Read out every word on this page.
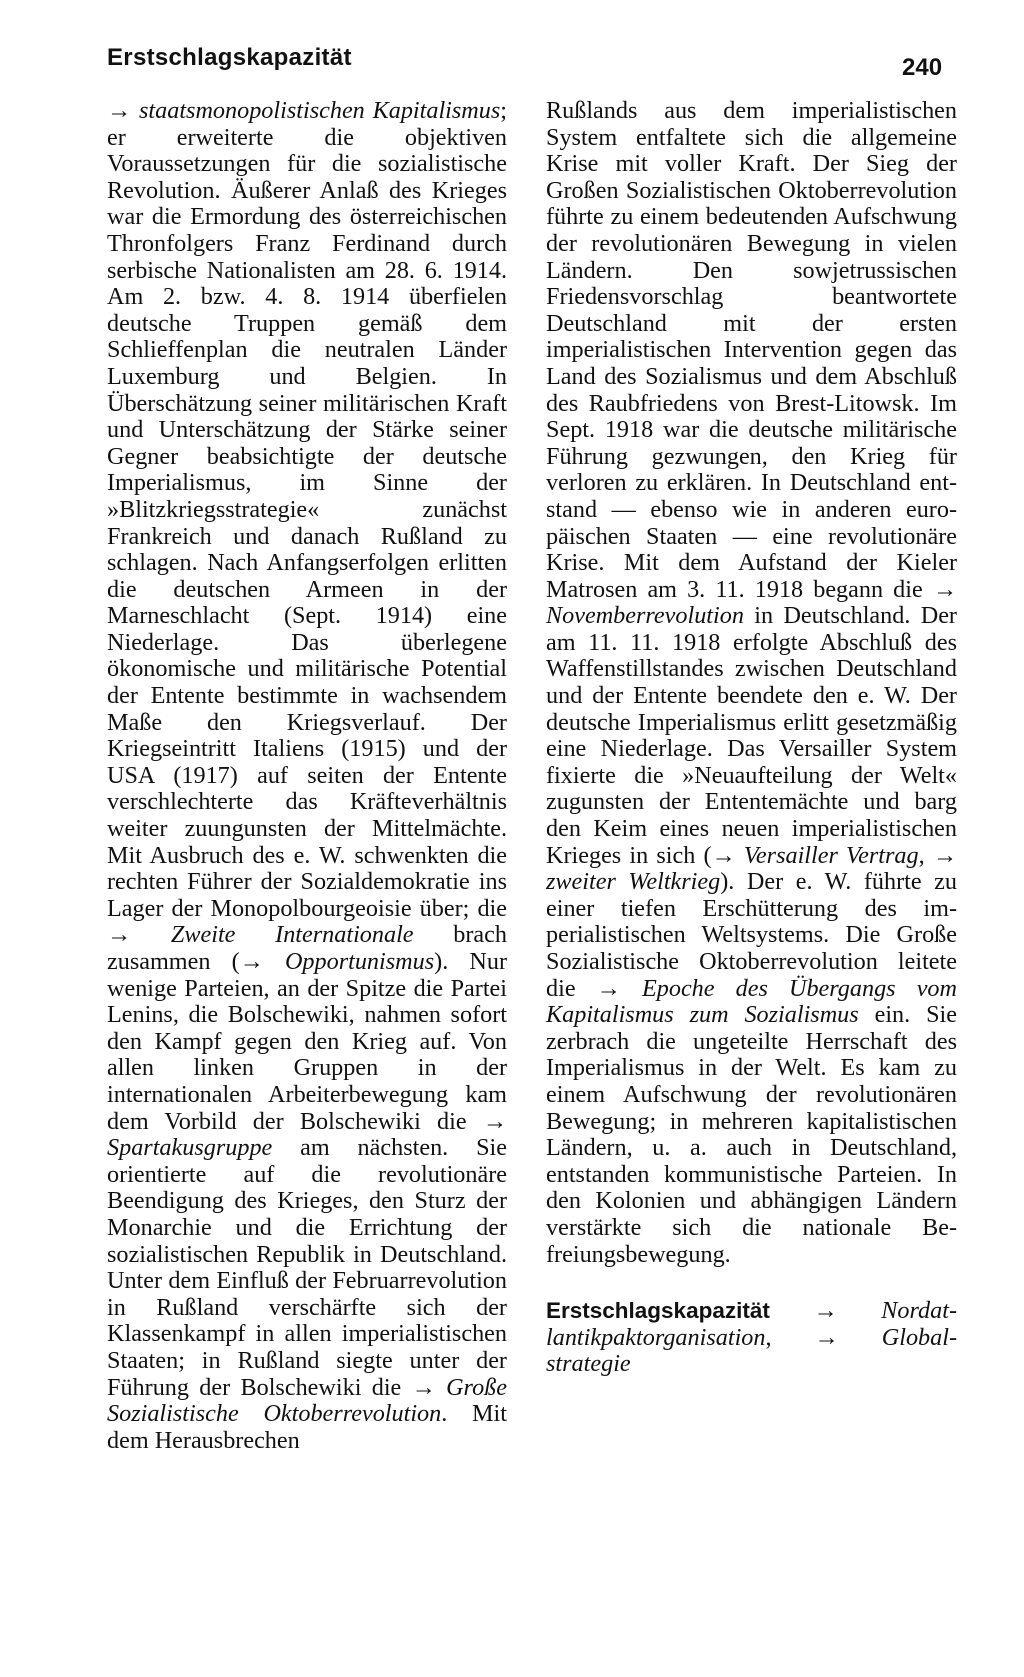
Erstschlagskapazität	240

→ staatsmonopolistischen Kapitalismus; er erweiterte die objektiven Voraussetzungen für die sozialistische Revolution. Äußerer Anlaß des Krieges war die Ermordung des österreichischen Thronfolgers Franz Ferdinand durch serbische Nationalisten am 28. 6. 1914. Am 2. bzw. 4. 8. 1914 überfielen deutsche Truppen gemäß dem Schlieffenplan die neutralen Länder Luxemburg und Belgien. In Überschätzung seiner militärischen Kraft und Unterschätzung der Stärke seiner Gegner beabsichtigte der deutsche Imperialismus, im Sinne der »Blitzkriegsstrategie« zunächst Frankreich und danach Rußland zu schlagen. Nach Anfangserfolgen erlitten die deutschen Armeen in der Marneschlacht (Sept. 1914) eine Niederlage. Das überlegene ökonomische und militärische Potential der Entente bestimmte in wachsendem Maße den Kriegsverlauf. Der Kriegseintritt Italiens (1915) und der USA (1917) auf seiten der Entente verschlechterte das Kräfteverhältnis weiter zuungunsten der Mittelmächte. Mit Ausbruch des e. W. schwenkten die rechten Führer der Sozialdemokratie ins Lager der Monopolbourgeoisie über; die → Zweite Internationale brach zusammen (→ Opportunismus). Nur wenige Parteien, an der Spitze die Partei Lenins, die Bolschewiki, nahmen sofort den Kampf gegen den Krieg auf. Von allen linken Gruppen in der internationalen Arbeiterbewegung kam dem Vorbild der Bolschewiki die → Spartakusgruppe am nächsten. Sie orientierte auf die revolutionäre Beendigung des Krieges, den Sturz der Monarchie und die Errichtung der sozialistischen Republik in Deutschland. Unter dem Einfluß der Februarrevolution in Rußland verschärfte sich der Klassenkampf in allen imperialistischen Staaten; in Rußland siegte unter der Führung der Bolschewiki die → Große Sozialistische Oktoberrevolution. Mit dem Herausbrechen

Rußlands aus dem imperialistischen System entfaltete sich die allgemeine Krise mit voller Kraft. Der Sieg der Großen Sozialistischen Oktoberrevolution führte zu einem bedeutenden Aufschwung der revolutionären Bewegung in vielen Ländern. Den sowjetrussischen Friedensvorschlag beantwortete Deutschland mit der ersten imperialistischen Intervention gegen das Land des Sozialismus und dem Abschluß des Raubfriedens von Brest-Litowsk. Im Sept. 1918 war die deutsche militärische Führung gezwungen, den Krieg für verloren zu erklären. In Deutschland entstand — ebenso wie in anderen europäischen Staaten — eine revolutionäre Krise. Mit dem Aufstand der Kieler Matrosen am 3. 11. 1918 begann die → Novemberrevolution in Deutschland. Der am 11. 11. 1918 erfolgte Abschluß des Waffenstillstandes zwischen Deutschland und der Entente beendete den e. W. Der deutsche Imperialismus erlitt gesetzmäßig eine Niederlage. Das Versailler System fixierte die »Neuaufteilung der Welt« zugunsten der Ententemächte und barg den Keim eines neuen imperialistischen Krieges in sich (→ Versailler Vertrag, → zweiter Weltkrieg). Der e. W. führte zu einer tiefen Erschütterung des imperialistischen Weltsystems. Die Große Sozialistische Oktoberrevolution leitete die → Epoche des Übergangs vom Kapitalismus zum Sozialismus ein. Sie zerbrach die ungeteilte Herrschaft des Imperialismus in der Welt. Es kam zu einem Aufschwung der revolutionären Bewegung; in mehreren kapitalistischen Ländern, u. a. auch in Deutschland, entstanden kommunistische Parteien. In den Kolonien und abhängigen Ländern verstärkte sich die nationale Befreiungsbewegung.

Erstschlagskapazität → Nordatlantikpaktorganisation, → Globalstrategie
